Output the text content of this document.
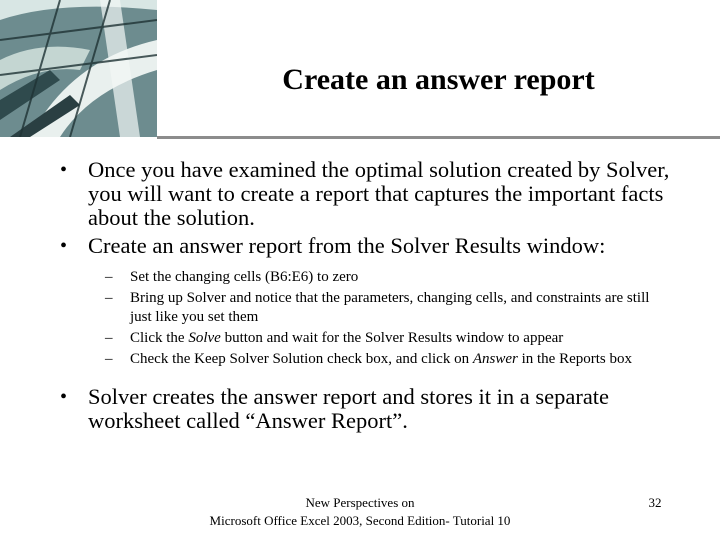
Create an answer report
• Once you have examined the optimal solution created by Solver, you will want to create a report that captures the important facts about the solution.
• Create an answer report from the Solver Results window:
– Set the changing cells (B6:E6) to zero
– Bring up Solver and notice that the parameters, changing cells, and constraints are still just like you set them
– Click the Solve button and wait for the Solver Results window to appear
– Check the Keep Solver Solution check box, and click on Answer in the Reports box
• Solver creates the answer report and stores it in a separate worksheet called “Answer Report”.
New Perspectives on
Microsoft Office Excel 2003, Second Edition- Tutorial 10
32
